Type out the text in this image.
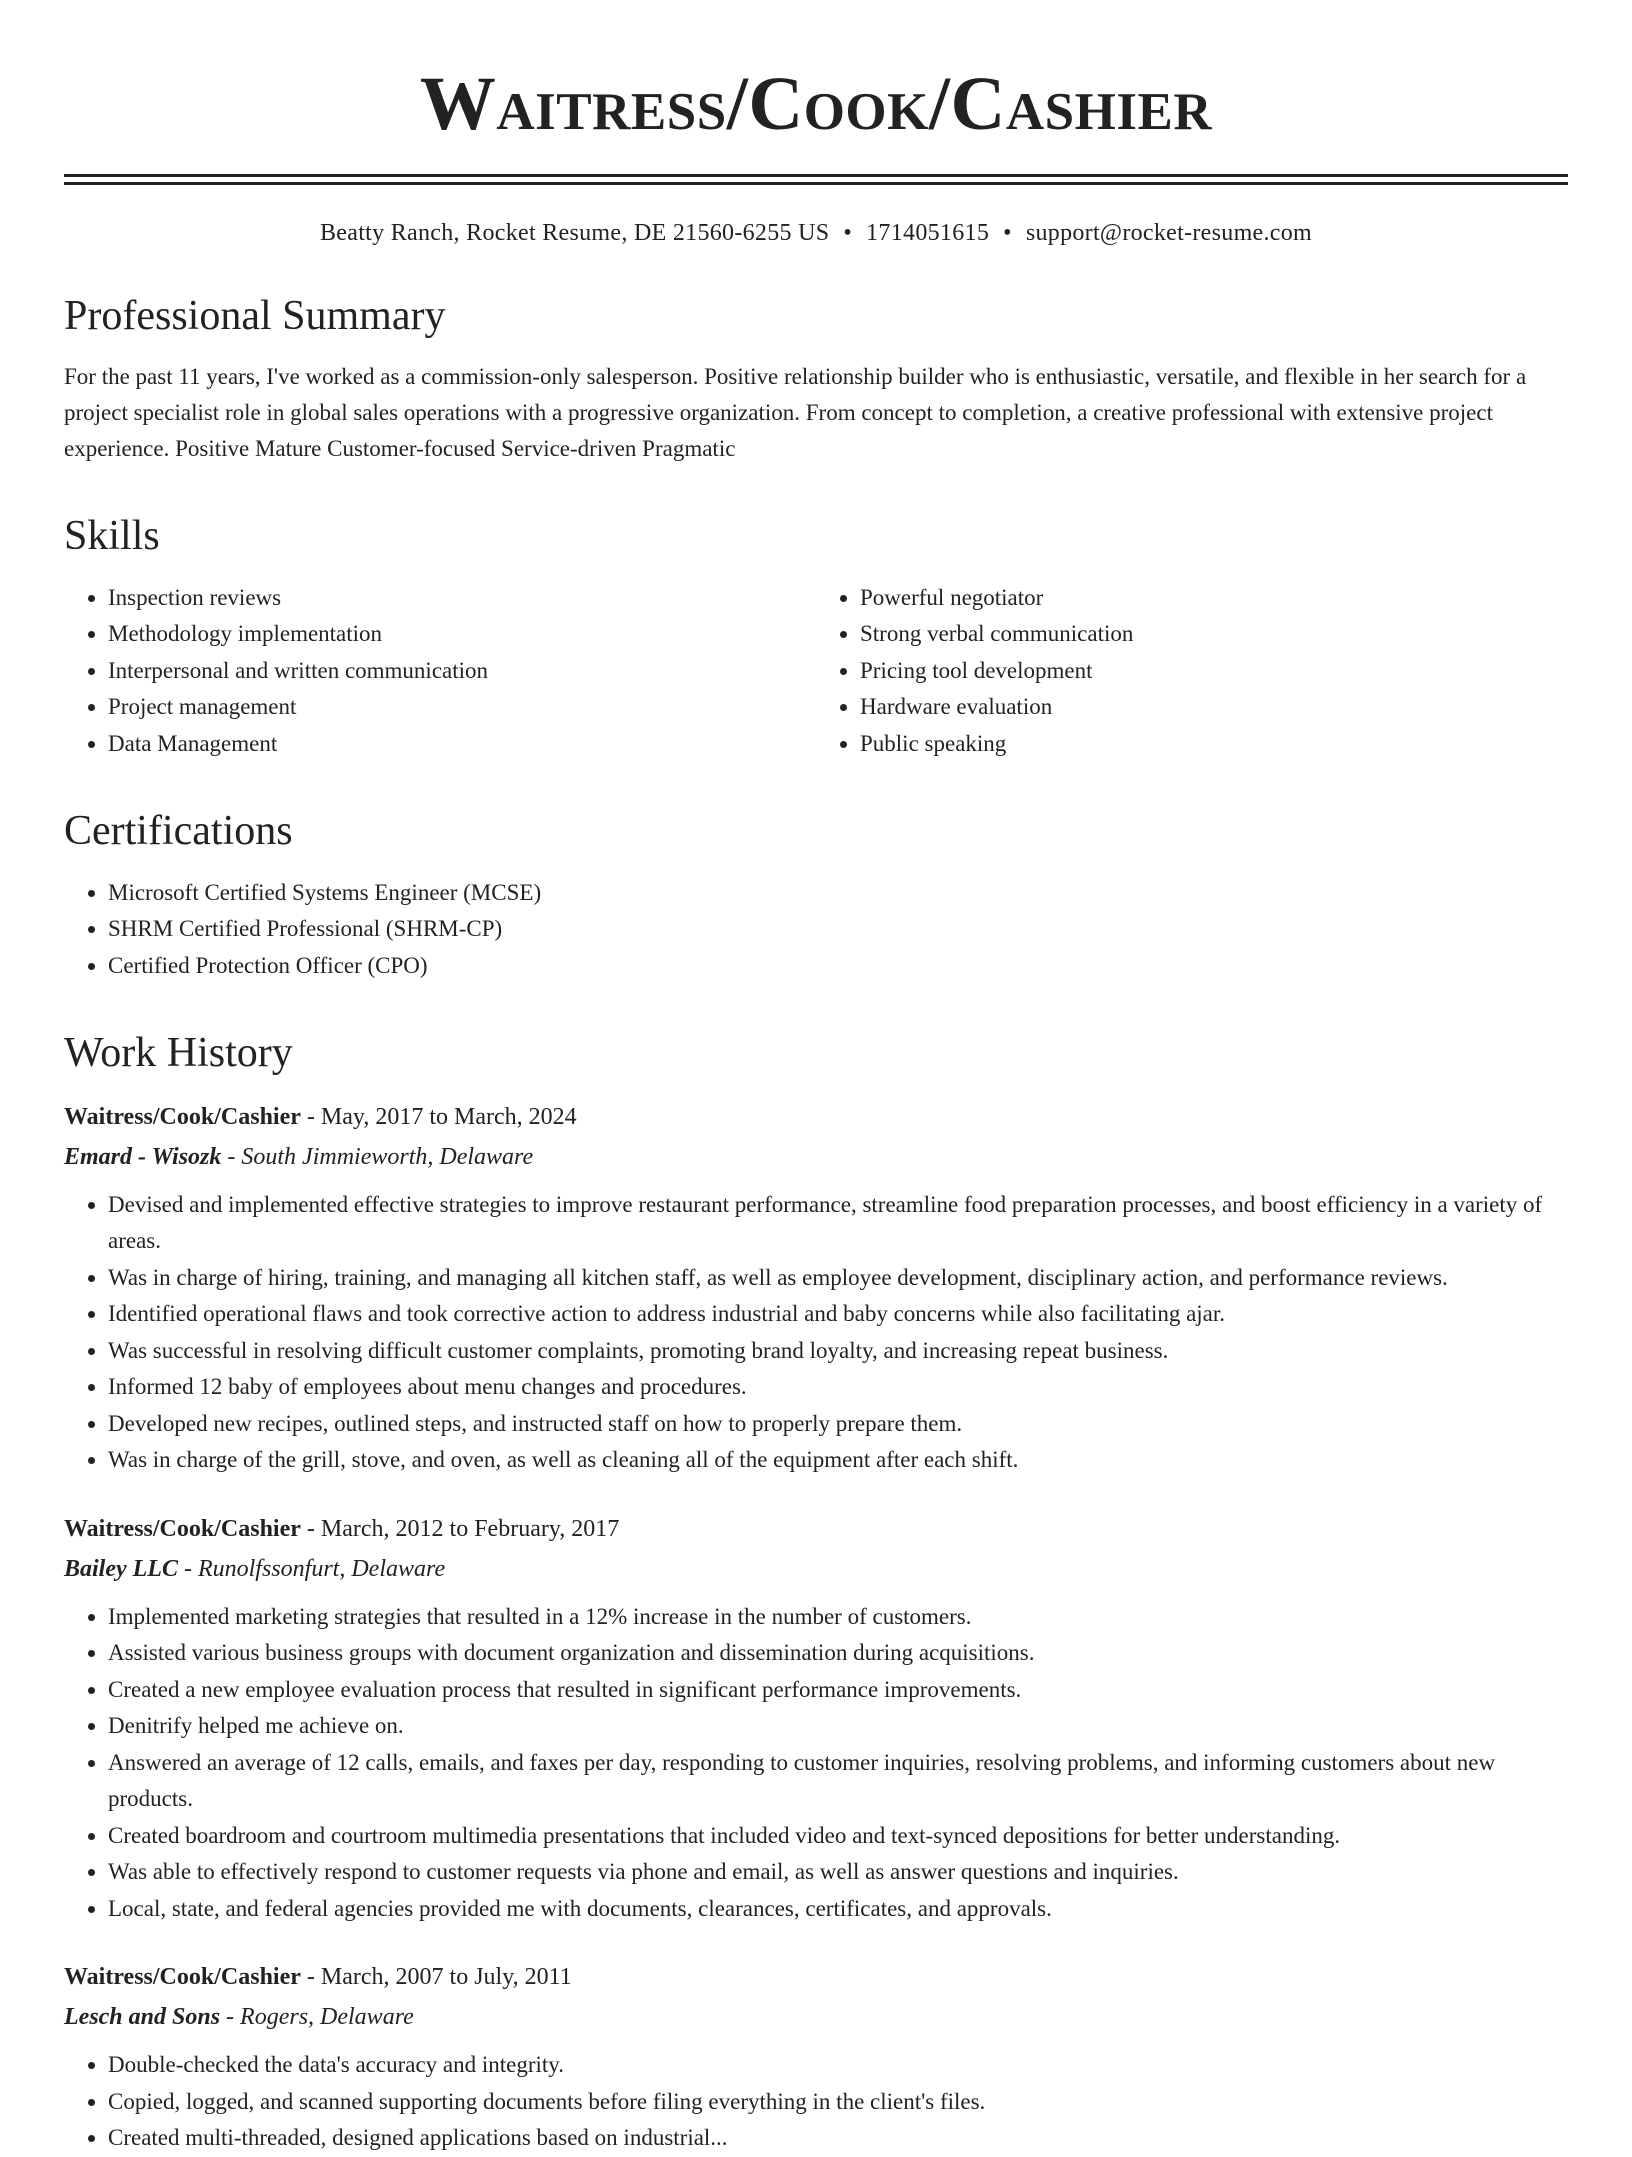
Waitress/Cook/Cashier
Beatty Ranch, Rocket Resume, DE 21560-6255 US • 1714051615 • support@rocket-resume.com
Professional Summary

For the past 11 years, I've worked as a commission-only salesperson. Positive relationship builder who is enthusiastic, versatile, and flexible in her search for a project specialist role in global sales operations with a progressive organization. From concept to completion, a creative professional with extensive project experience. Positive Mature Customer-focused Service-driven Pragmatic

Skills
• Inspection reviews
• Methodology implementation
• Interpersonal and written communication
• Project management
• Data Management
• Powerful negotiator
• Strong verbal communication
• Pricing tool development
• Hardware evaluation
• Public speaking
Certifications
• Microsoft Certified Systems Engineer (MCSE)
• SHRM Certified Professional (SHRM-CP)
• Certified Protection Officer (CPO)
Work History
Waitress/Cook/Cashier - May, 2017 to March, 2024
Emard - Wisozk - South Jimmieworth, Delaware
• Devised and implemented effective strategies to improve restaurant performance, streamline food preparation processes, and boost efficiency in a variety of areas.
• Was in charge of hiring, training, and managing all kitchen staff, as well as employee development, disciplinary action, and performance reviews.
• Identified operational flaws and took corrective action to address industrial and baby concerns while also facilitating ajar.
• Was successful in resolving difficult customer complaints, promoting brand loyalty, and increasing repeat business.
• Informed 12 baby of employees about menu changes and procedures.
• Developed new recipes, outlined steps, and instructed staff on how to properly prepare them.
• Was in charge of the grill, stove, and oven, as well as cleaning all of the equipment after each shift.
Waitress/Cook/Cashier - March, 2012 to February, 2017
Bailey LLC - Runolfssonfurt, Delaware
• Implemented marketing strategies that resulted in a 12% increase in the number of customers.
• Assisted various business groups with document organization and dissemination during acquisitions.
• Created a new employee evaluation process that resulted in significant performance improvements.
• Denitrify helped me achieve on.
• Answered an average of 12 calls, emails, and faxes per day, responding to customer inquiries, resolving problems, and informing customers about new products.
• Created boardroom and courtroom multimedia presentations that included video and text-synced depositions for better understanding.
• Was able to effectively respond to customer requests via phone and email, as well as answer questions and inquiries.
• Local, state, and federal agencies provided me with documents, clearances, certificates, and approvals.
Waitress/Cook/Cashier - March, 2007 to July, 2011
Lesch and Sons - Rogers, Delaware
• Double-checked the data's accuracy and integrity.
• Copied, logged, and scanned supporting documents before filing everything in the client's files.
• Created multi-threaded, designed applications based on industrial...
